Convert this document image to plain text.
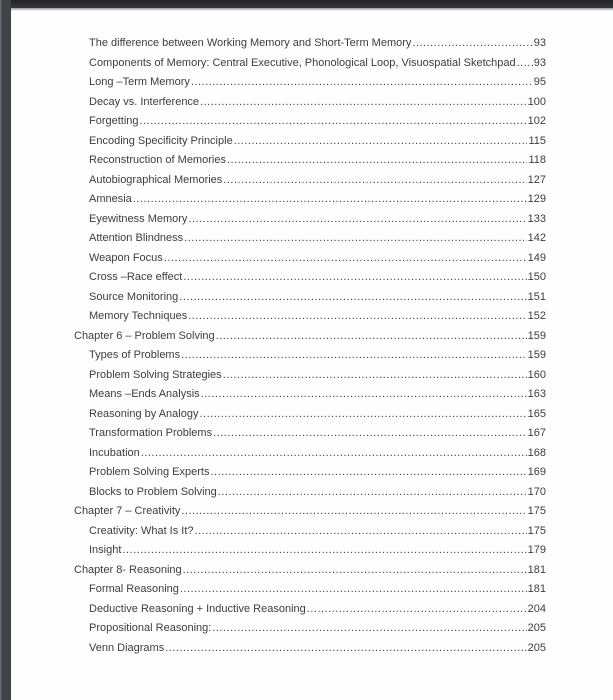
The difference between Working Memory and Short-Term Memory .....	93
Components of Memory: Central Executive, Phonological Loop, Visuospatial Sketchpad ..... 93
Long –Term Memory .....	95
Decay vs. Interference .....	100
Forgetting .....	102
Encoding Specificity Principle .....	115
Reconstruction of Memories .....	118
Autobiographical Memories .....	127
Amnesia .....	129
Eyewitness Memory .....	133
Attention Blindness .....	142
Weapon Focus .....	149
Cross –Race effect .....	150
Source Monitoring .....	151
Memory Techniques .....	152
Chapter 6 – Problem Solving .....	159
Types of Problems .....	159
Problem Solving Strategies .....	160
Means –Ends Analysis .....	163
Reasoning by Analogy .....	165
Transformation Problems .....	167
Incubation .....	168
Problem Solving Experts .....	169
Blocks to Problem Solving .....	170
Chapter 7 – Creativity .....	175
Creativity: What Is It? .....	175
Insight .....	179
Chapter 8- Reasoning .....	181
Formal Reasoning .....	181
Deductive Reasoning + Inductive Reasoning .....	204
Propositional Reasoning: .....	205
Venn Diagrams .....	205
